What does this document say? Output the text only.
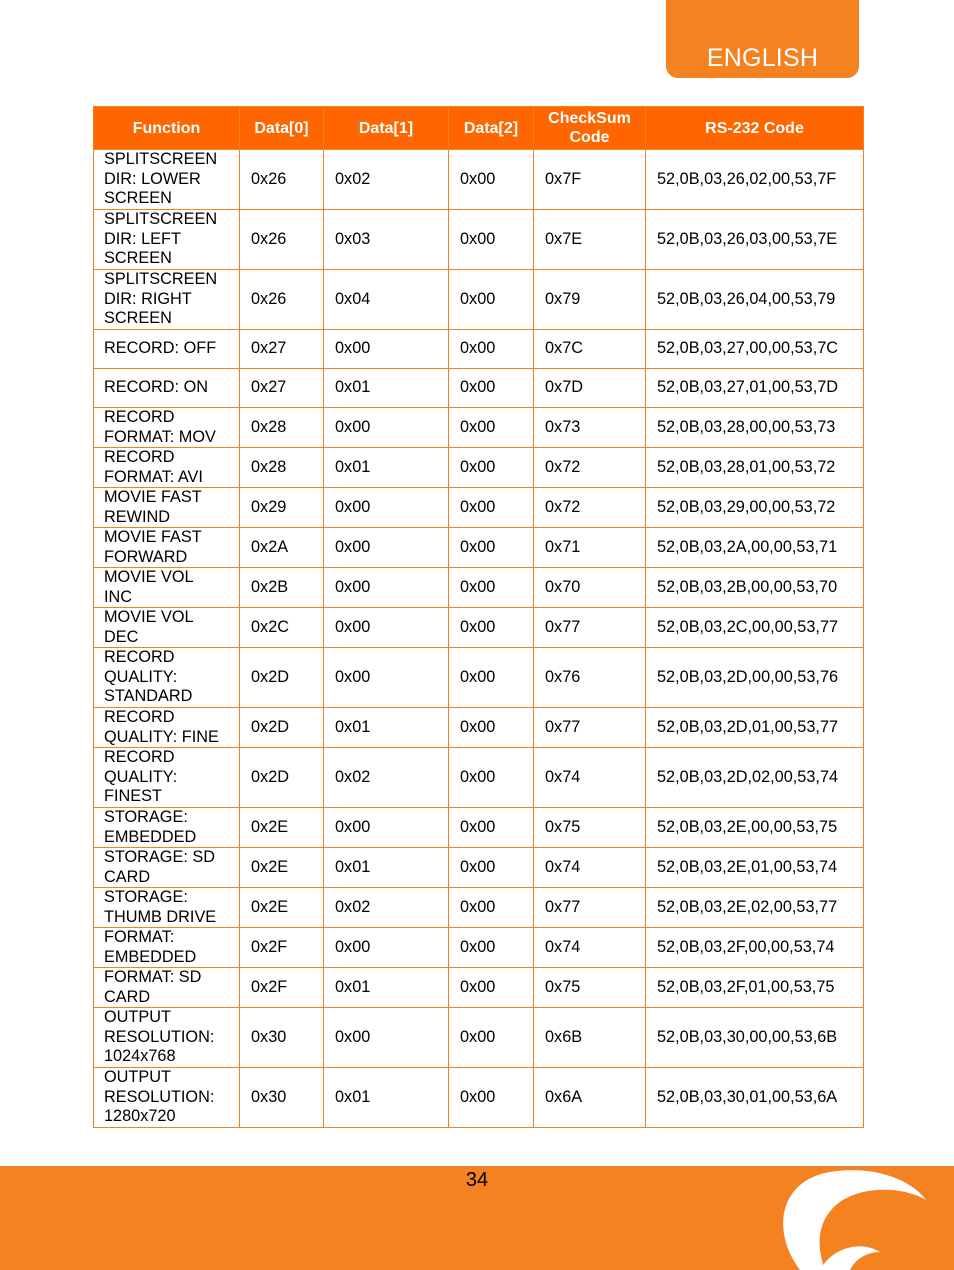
ENGLISH
Function	Data[0]	Data[1]	Data[2]	CheckSum Code	RS-232 Code

SPLITSCREEN
DIR: LOWER
SCREEN	0x26	0x02	0x00	0x7F	52,0B,03,26,02,00,53,7F

SPLITSCREEN
DIR: LEFT
SCREEN	0x26	0x03	0x00	0x7E	52,0B,03,26,03,00,53,7E

SPLITSCREEN
DIR: RIGHT
SCREEN	0x26	0x04	0x00	0x79	52,0B,03,26,04,00,53,79

RECORD: OFF	0x27	0x00	0x00	0x7C	52,0B,03,27,00,00,53,7C

RECORD: ON	0x27	0x01	0x00	0x7D	52,0B,03,27,01,00,53,7D

RECORD
FORMAT: MOV	0x28	0x00	0x00	0x73	52,0B,03,28,00,00,53,73

RECORD
FORMAT: AVI	0x28	0x01	0x00	0x72	52,0B,03,28,01,00,53,72

MOVIE FAST
REWIND	0x29	0x00	0x00	0x72	52,0B,03,29,00,00,53,72

MOVIE FAST
FORWARD	0x2A	0x00	0x00	0x71	52,0B,03,2A,00,00,53,71

MOVIE VOL
INC	0x2B	0x00	0x00	0x70	52,0B,03,2B,00,00,53,70

MOVIE VOL
DEC	0x2C	0x00	0x00	0x77	52,0B,03,2C,00,00,53,77

RECORD
QUALITY:
STANDARD	0x2D	0x00	0x00	0x76	52,0B,03,2D,00,00,53,76

RECORD
QUALITY: FINE	0x2D	0x01	0x00	0x77	52,0B,03,2D,01,00,53,77

RECORD
QUALITY:
FINEST	0x2D	0x02	0x00	0x74	52,0B,03,2D,02,00,53,74

STORAGE:
EMBEDDED	0x2E	0x00	0x00	0x75	52,0B,03,2E,00,00,53,75

STORAGE: SD
CARD	0x2E	0x01	0x00	0x74	52,0B,03,2E,01,00,53,74

STORAGE:
THUMB DRIVE	0x2E	0x02	0x00	0x77	52,0B,03,2E,02,00,53,77

FORMAT:
EMBEDDED	0x2F	0x00	0x00	0x74	52,0B,03,2F,00,00,53,74

FORMAT: SD
CARD	0x2F	0x01	0x00	0x75	52,0B,03,2F,01,00,53,75

OUTPUT
RESOLUTION:
1024x768	0x30	0x00	0x00	0x6B	52,0B,03,30,00,00,53,6B

OUTPUT
RESOLUTION:
1280x720	0x30	0x01	0x00	0x6A	52,0B,03,30,01,00,53,6A
34
